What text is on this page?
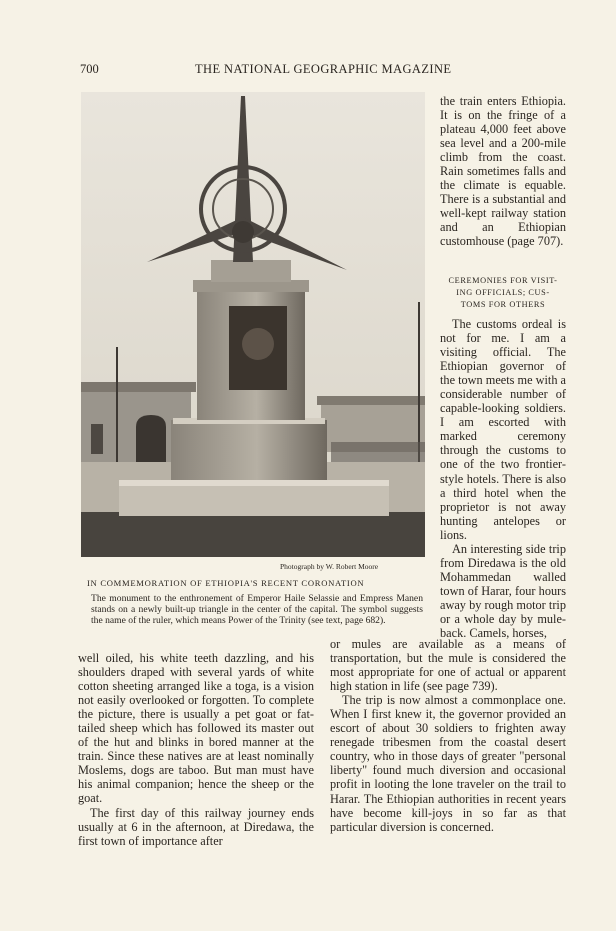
700	THE NATIONAL GEOGRAPHIC MAGAZINE
Photograph by W. Robert Moore
IN COMMEMORATION OF ETHIOPIA'S RECENT CORONATION
The monument to the enthronement of Emperor Haile Selassie and Empress Manen stands on a newly built-up triangle in the center of the capital. The symbol suggests the name of the ruler, which means Power of the Trinity (see text, page 682).

the train enters Ethiopia. It is on the fringe of a plateau 4,000 feet above sea level and a 200-mile climb from the coast. Rain sometimes falls and the climate is equable. There is a substantial and well-kept railway station and an Ethiopian customhouse (page 707).

CEREMONIES FOR VISIT-
ING OFFICIALS; CUS-
TOMS FOR OTHERS

The customs ordeal is not for me. I am a visiting official. The Ethiopian governor of the town meets me with a considerable number of capable-looking soldiers. I am escorted with marked ceremony through the customs to one of the two frontier-style hotels. There is also a third hotel when the proprietor is not away hunting antelopes or lions.

An interesting side trip from Diredawa is the old Mohammedan walled town of Harar, four hours away by rough motor trip or a whole day by mule-back. Camels, horses,

well oiled, his white teeth dazzling, and his shoulders draped with several yards of white cotton sheeting arranged like a toga, is a vision not easily overlooked or forgotten. To complete the picture, there is usually a pet goat or fat-tailed sheep which has followed its master out of the hut and blinks in bored manner at the train. Since these natives are at least nominally Moslems, dogs are taboo. But man must have his animal companion; hence the sheep or the goat.

The first day of this railway journey ends usually at 6 in the afternoon, at Diredawa, the first town of importance after

or mules are available as a means of transportation, but the mule is considered the most appropriate for one of actual or apparent high station in life (see page 739).

The trip is now almost a commonplace one. When I first knew it, the governor provided an escort of about 30 soldiers to frighten away renegade tribesmen from the coastal desert country, who in those days of greater "personal liberty" found much diversion and occasional profit in looting the lone traveler on the trail to Harar. The Ethiopian authorities in recent years have become kill-joys in so far as that particular diversion is concerned.
